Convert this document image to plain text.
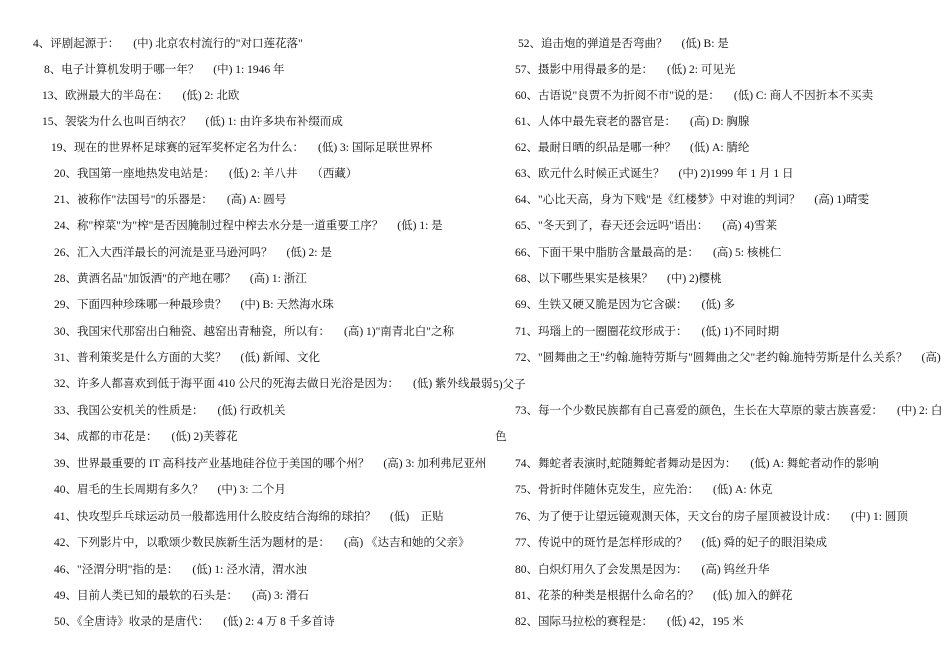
4、评剧起源于： (中) 北京农村流行的"对口莲花落"
8、电子计算机发明于哪一年？ (中) 1: 1946 年
13、欧洲最大的半岛在： (低) 2: 北欧
15、袈裟为什么也叫百纳衣？ (低) 1: 由许多块布补缀而成
19、现在的世界杯足球赛的冠军奖杯定名为什么： (低) 3: 国际足联世界杯
20、我国第一座地热发电站是： (低) 2: 羊八井 （西藏）
21、被称作"法国号"的乐器是： (高) A: 圆号
24、称"榨菜"为"榨"是否因腌制过程中榨去水分是一道重要工序？ (低) 1: 是
26、汇入大西洋最长的河流是亚马逊河吗？ (低) 2: 是
28、黄酒名品"加饭酒"的产地在哪？ (高) 1: 浙江
29、下面四种珍珠哪一种最珍贵？ (中) B: 天然海水珠
30、我国宋代那窑出白釉瓷、越窑出青釉瓷，所以有： (高) 1)"南青北白"之称
31、普利策奖是什么方面的大奖？ (低) 新闻、文化
32、许多人都喜欢到低于海平面 410 公尺的死海去做日光浴是因为： (低) 紫外线最弱
33、我国公安机关的性质是： (低) 行政机关
34、成都的市花是： (低) 2)芙蓉花
39、世界最重要的 IT 高科技产业基地硅谷位于美国的哪个州？ (高) 3: 加利弗尼亚州
40、眉毛的生长周期有多久？ (中) 3: 二个月
41、快攻型乒乓球运动员一般都选用什么胶皮结合海绵的球拍？ (低)　正贴
42、下列影片中，以歌颂少数民族新生活为题材的是： (高) 《达吉和她的父亲》
46、"泾渭分明"指的是： (低) 1: 泾水清，渭水浊
49、目前人类已知的最软的石头是： (高) 3: 滑石
50、《全唐诗》收录的是唐代： (低) 2: 4 万 8 千多首诗
52、追击炮的弹道是否弯曲？ (低) B: 是
57、摄影中用得最多的是： (低) 2: 可见光
60、古语说"良贾不为折阅不市"说的是： (低) C: 商人不因折本不买卖
61、人体中最先衰老的器官是： (高) D: 胸腺
62、最耐日晒的织品是哪一种？ (低) A: 腈纶
63、欧元什么时候正式诞生？ (中) 2)1999 年 1 月 1 日
64、"心比天高，身为下贱"是《红楼梦》中对谁的判词？ (高) 1)晴雯
65、"冬天到了，春天还会远吗"语出： (高) 4)雪莱
66、下面干果中脂肪含量最高的是： (高) 5: 核桃仁
68、以下哪些果实是核果？ (中) 2)樱桃
69、生铁又硬又脆是因为它含碳： (低) 多
71、玛瑙上的一圈圈花纹形成于： (低) 1)不同时期
72、"圆舞曲之王"约翰.施特劳斯与"圆舞曲之父"老约翰.施特劳斯是什么关系？ (高)
73、每一个少数民族都有自己喜爱的颜色，生长在大草原的蒙古族喜爱： (中) 2: 白
74、舞蛇者表演时,蛇随舞蛇者舞动是因为： (低) A: 舞蛇者动作的影响
75、骨折时伴随休克发生，应先治： (低) A: 休克
76、为了便于让望远镜观测天体，天文台的房子屋顶被设计成： (中) 1: 圆顶
77、传说中的斑竹是怎样形成的？ (低) 舜的妃子的眼泪染成
80、白炽灯用久了会发黑是因为： (高) 钨丝升华
81、花茶的种类是根据什么命名的？ (低) 加入的鲜花
82、国际马拉松的赛程是： (低) 42，195 米
5)父子
色
